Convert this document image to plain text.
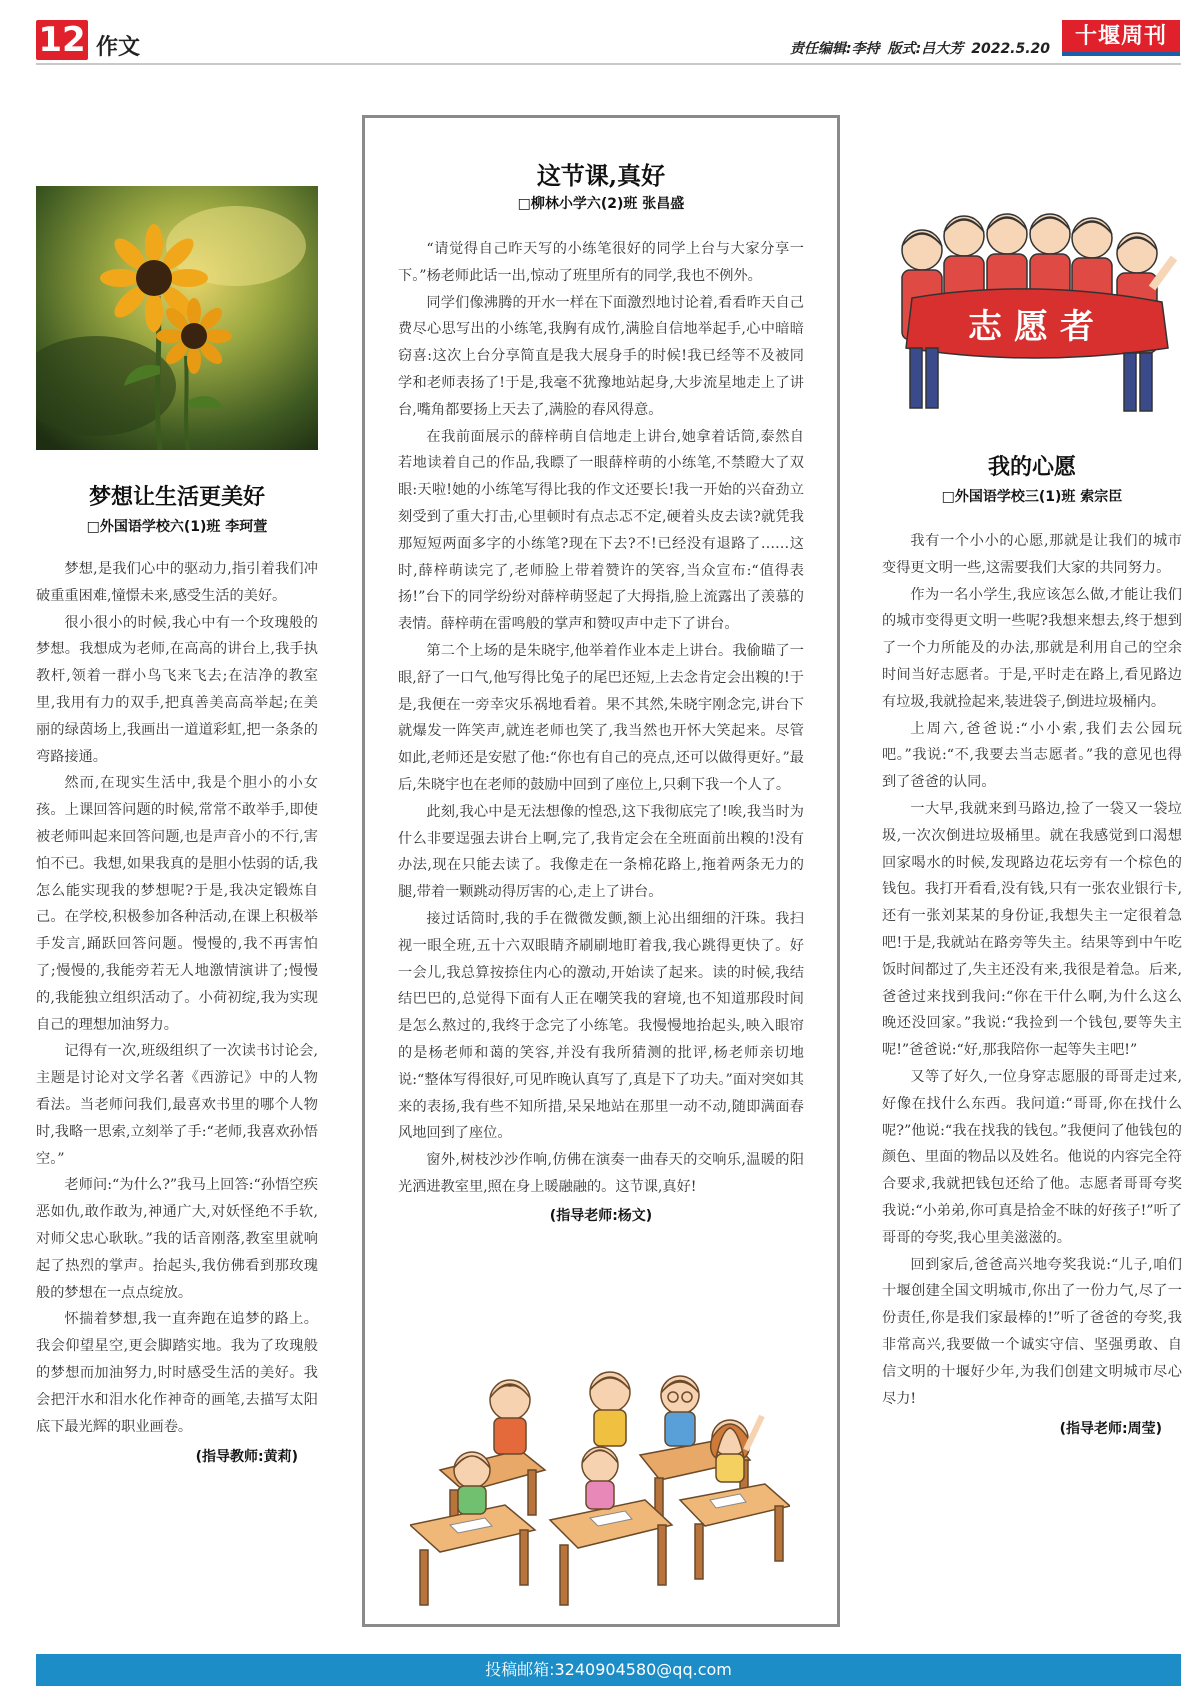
12 作文	责任编辑:李持 版式:吕大芳 2022.5.20	十堰周刊
梦想让生活更美好
□外国语学校六(1)班 李珂萱

梦想,是我们心中的驱动力,指引着我们冲破重重困难,憧憬未来,感受生活的美好。

很小很小的时候,我心中有一个玫瑰般的梦想。我想成为老师,在高高的讲台上,我手执教杆,领着一群小鸟飞来飞去;在洁净的教室里,我用有力的双手,把真善美高高举起;在美丽的绿茵场上,我画出一道道彩虹,把一条条的弯路接通。

然而,在现实生活中,我是个胆小的小女孩。上课回答问题的时候,常常不敢举手,即使被老师叫起来回答问题,也是声音小的不行,害怕不已。我想,如果我真的是胆小怯弱的话,我怎么能实现我的梦想呢?于是,我决定锻炼自己。在学校,积极参加各种活动,在课上积极举手发言,踊跃回答问题。慢慢的,我不再害怕了;慢慢的,我能旁若无人地激情演讲了;慢慢的,我能独立组织活动了。小荷初绽,我为实现自己的理想加油努力。

记得有一次,班级组织了一次读书讨论会,主题是讨论对文学名著《西游记》中的人物看法。当老师问我们,最喜欢书里的哪个人物时,我略一思索,立刻举了手:“老师,我喜欢孙悟空。”

老师问:“为什么?”我马上回答:“孙悟空疾恶如仇,敢作敢为,神通广大,对妖怪绝不手软,对师父忠心耿耿。”我的话音刚落,教室里就响起了热烈的掌声。抬起头,我仿佛看到那玫瑰般的梦想在一点点绽放。

怀揣着梦想,我一直奔跑在追梦的路上。我会仰望星空,更会脚踏实地。我为了玫瑰般的梦想而加油努力,时时感受生活的美好。我会把汗水和泪水化作神奇的画笔,去描写太阳底下最光辉的职业画卷。

(指导教师:黄莉)
这节课,真好
□柳林小学六(2)班 张昌盛

“请觉得自己昨天写的小练笔很好的同学上台与大家分享一下。”杨老师此话一出,惊动了班里所有的同学,我也不例外。

同学们像沸腾的开水一样在下面激烈地讨论着,看看昨天自己费尽心思写出的小练笔,我胸有成竹,满脸自信地举起手,心中暗暗窃喜:这次上台分享简直是我大展身手的时候!我已经等不及被同学和老师表扬了!于是,我毫不犹豫地站起身,大步流星地走上了讲台,嘴角都要扬上天去了,满脸的春风得意。

在我前面展示的薛梓萌自信地走上讲台,她拿着话筒,泰然自若地读着自己的作品,我瞟了一眼薛梓萌的小练笔,不禁瞪大了双眼:天啦!她的小练笔写得比我的作文还要长!我一开始的兴奋劲立刻受到了重大打击,心里顿时有点忐忑不定,硬着头皮去读?就凭我那短短两面多字的小练笔?现在下去?不!已经没有退路了……这时,薛梓萌读完了,老师脸上带着赞许的笑容,当众宣布:“值得表扬!”台下的同学纷纷对薛梓萌竖起了大拇指,脸上流露出了羡慕的表情。薛梓萌在雷鸣般的掌声和赞叹声中走下了讲台。

第二个上场的是朱晓宇,他举着作业本走上讲台。我偷瞄了一眼,舒了一口气,他写得比兔子的尾巴还短,上去念肯定会出糗的!于是,我便在一旁幸灾乐祸地看着。果不其然,朱晓宇刚念完,讲台下就爆发一阵笑声,就连老师也笑了,我当然也开怀大笑起来。尽管如此,老师还是安慰了他:“你也有自己的亮点,还可以做得更好。”最后,朱晓宇也在老师的鼓励中回到了座位上,只剩下我一个人了。

此刻,我心中是无法想像的惶恐,这下我彻底完了!唉,我当时为什么非要逞强去讲台上啊,完了,我肯定会在全班面前出糗的!没有办法,现在只能去读了。我像走在一条棉花路上,拖着两条无力的腿,带着一颗跳动得厉害的心,走上了讲台。

接过话筒时,我的手在微微发颤,额上沁出细细的汗珠。我扫视一眼全班,五十六双眼睛齐刷刷地盯着我,我心跳得更快了。好一会儿,我总算按捺住内心的激动,开始读了起来。读的时候,我结结巴巴的,总觉得下面有人正在嘲笑我的窘境,也不知道那段时间是怎么熬过的,我终于念完了小练笔。我慢慢地抬起头,映入眼帘的是杨老师和蔼的笑容,并没有我所猜测的批评,杨老师亲切地说:“整体写得很好,可见昨晚认真写了,真是下了功夫。”面对突如其来的表扬,我有些不知所措,呆呆地站在那里一动不动,随即满面春风地回到了座位。

窗外,树枝沙沙作响,仿佛在演奏一曲春天的交响乐,温暖的阳光洒进教室里,照在身上暖融融的。这节课,真好!

(指导老师:杨文)
志愿者
我的心愿
□外国语学校三(1)班 索宗臣

我有一个小小的心愿,那就是让我们的城市变得更文明一些,这需要我们大家的共同努力。

作为一名小学生,我应该怎么做,才能让我们的城市变得更文明一些呢?我想来想去,终于想到了一个力所能及的办法,那就是利用自己的空余时间当好志愿者。于是,平时走在路上,看见路边有垃圾,我就捡起来,装进袋子,倒进垃圾桶内。

上周六,爸爸说:“小小索,我们去公园玩吧。”我说:“不,我要去当志愿者。”我的意见也得到了爸爸的认同。

一大早,我就来到马路边,捡了一袋又一袋垃圾,一次次倒进垃圾桶里。就在我感觉到口渴想回家喝水的时候,发现路边花坛旁有一个棕色的钱包。我打开看看,没有钱,只有一张农业银行卡,还有一张刘某某的身份证,我想失主一定很着急吧!于是,我就站在路旁等失主。结果等到中午吃饭时间都过了,失主还没有来,我很是着急。后来,爸爸过来找到我问:“你在干什么啊,为什么这么晚还没回家。”我说:“我捡到一个钱包,要等失主呢!”爸爸说:“好,那我陪你一起等失主吧!”

又等了好久,一位身穿志愿服的哥哥走过来,好像在找什么东西。我问道:“哥哥,你在找什么呢?”他说:“我在找我的钱包。”我便问了他钱包的颜色、里面的物品以及姓名。他说的内容完全符合要求,我就把钱包还给了他。志愿者哥哥夸奖我说:“小弟弟,你可真是拾金不昧的好孩子!”听了哥哥的夸奖,我心里美滋滋的。

回到家后,爸爸高兴地夸奖我说:“儿子,咱们十堰创建全国文明城市,你出了一份力气,尽了一份责任,你是我们家最棒的!”听了爸爸的夸奖,我非常高兴,我要做一个诚实守信、坚强勇敢、自信文明的十堰好少年,为我们创建文明城市尽心尽力!

(指导老师:周莹)
投稿邮箱:3240904580@qq.com
